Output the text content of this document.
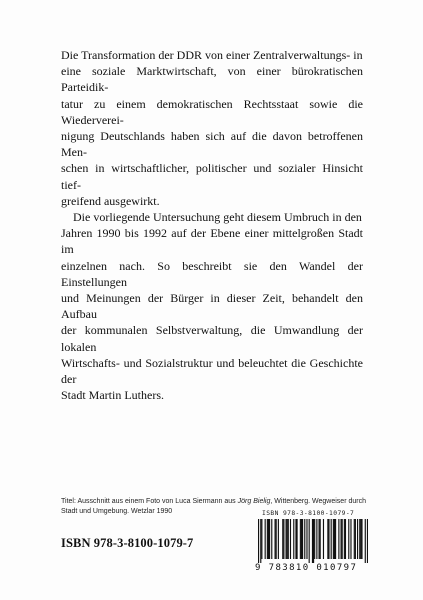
Die Transformation der DDR von einer Zentralverwaltungs- in
eine soziale Marktwirtschaft, von einer bürokratischen Parteidik-
tatur zu einem demokratischen Rechtsstaat sowie die Wiederverei-
nigung Deutschlands haben sich auf die davon betroffenen Men-
schen in wirtschaftlicher, politischer und sozialer Hinsicht tief-
greifend ausgewirkt.

Die vorliegende Untersuchung geht diesem Umbruch in den
Jahren 1990 bis 1992 auf der Ebene einer mittelgroßen Stadt im
einzelnen nach. So beschreibt sie den Wandel der Einstellungen
und Meinungen der Bürger in dieser Zeit, behandelt den Aufbau
der kommunalen Selbstverwaltung, die Umwandlung der lokalen
Wirtschafts- und Sozialstruktur und beleuchtet die Geschichte der
Stadt Martin Luthers.

Titel: Ausschnitt aus einem Foto von Luca Siermann aus Jörg Bielig, Wittenberg. Wegweiser durch Stadt und Umgebung. Wetzlar 1990	ISBN 978-3-8100-1079-7
9 783810 010797
ISBN 978-3-8100-1079-7
